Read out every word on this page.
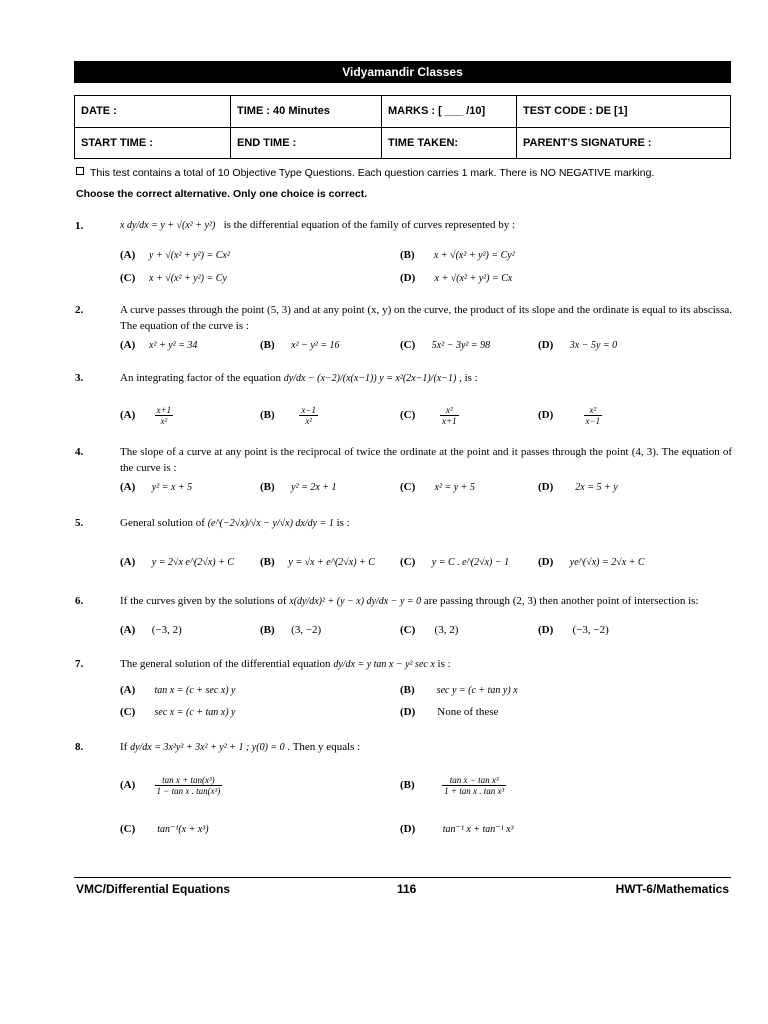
Vidyamandir Classes
DATE :	TIME : 40 Minutes	MARKS : [ ___ /10]	TEST CODE : DE [1]
START TIME :	END TIME :	TIME TAKEN:	PARENT’S SIGNATURE :
This test contains a total of 10 Objective Type Questions. Each question carries 1 mark. There is NO NEGATIVE marking.
Choose the correct alternative. Only one choice is correct.
1.	x dy/dx = y + √(x² + y²) is the differential equation of the family of curves represented by :
(A) y + √(x² + y²) = Cx²	(B) x + √(x² + y²) = Cy²
(C) x + √(x² + y²) = Cy	(D) x + √(x² + y²) = Cx
2.	A curve passes through the point (5, 3) and at any point (x, y) on the curve, the product of its slope and the ordinate is equal to its abscissa. The equation of the curve is :
(A) x² + y² = 34	(B) x² − y² = 16	(C) 5x² − 3y² = 98	(D) 3x − 5y = 0
3.	An integrating factor of the equation dy/dx − (x−2)/(x(x−1)) y = x²(2x−1)/(x−1) , is :
$(A) \frac{x+1}{\text{x²}}$	(B)	$\frac{x-1}{\text{x²}}$	(C)	$\frac{\text{x²}}{x+1}$	(D)	$\frac{\text{x²}}{x-1}$
4.	The slope of a curve at any point is the reciprocal of twice the ordinate at the point and it passes through the point (4, 3). The equation of the curve is :
(A) y² = x + 5	(B) y² = 2x + 1	(C) x² = y + 5	(D) 2x = 5 + y
5.	General solution of (e^(−2√x)/√x − y/√x) dx/dy = 1 is :
(A) y = 2√x e^(2√x) + C (B) y = √x + e^(2√x) + C (C) y = C . e^(2√x) − 1	(D) ye^(√x) = 2√x + C
6.	If the curves given by the solutions of x(dy/dx)² + (y − x) dy/dx − y = 0 are passing through (2, 3) then another point of intersection is:
(A) (−3, 2)	(B) (3, −2)	(C) (3, 2)	(D) (−3, −2)
7.	The general solution of the differential equation dy/dx = y tan x − y² sec x is :
(A) tan x = (c + sec x) y	(B) sec y = (c + tan y) x
(C) sec x = (c + tan x) y	(D) None of these
8.	If dy/dx = 3x²y² + 3x² + y² + 1 ; y(0) = 0 . Then y equals :
$(A) \frac{\text{tan x + tan(x³)}}{\text{1 − tan x . tan(x³)}}$	(B)	$\frac{\text{tan x − tan x³}}{\text{1 + tan x . tan x³}}$
(C) tan⁻¹(x + x³)	(D)	tan⁻¹ x + tan⁻¹ x³
VMC/Differential Equations	116	HWT-6/Mathematics
